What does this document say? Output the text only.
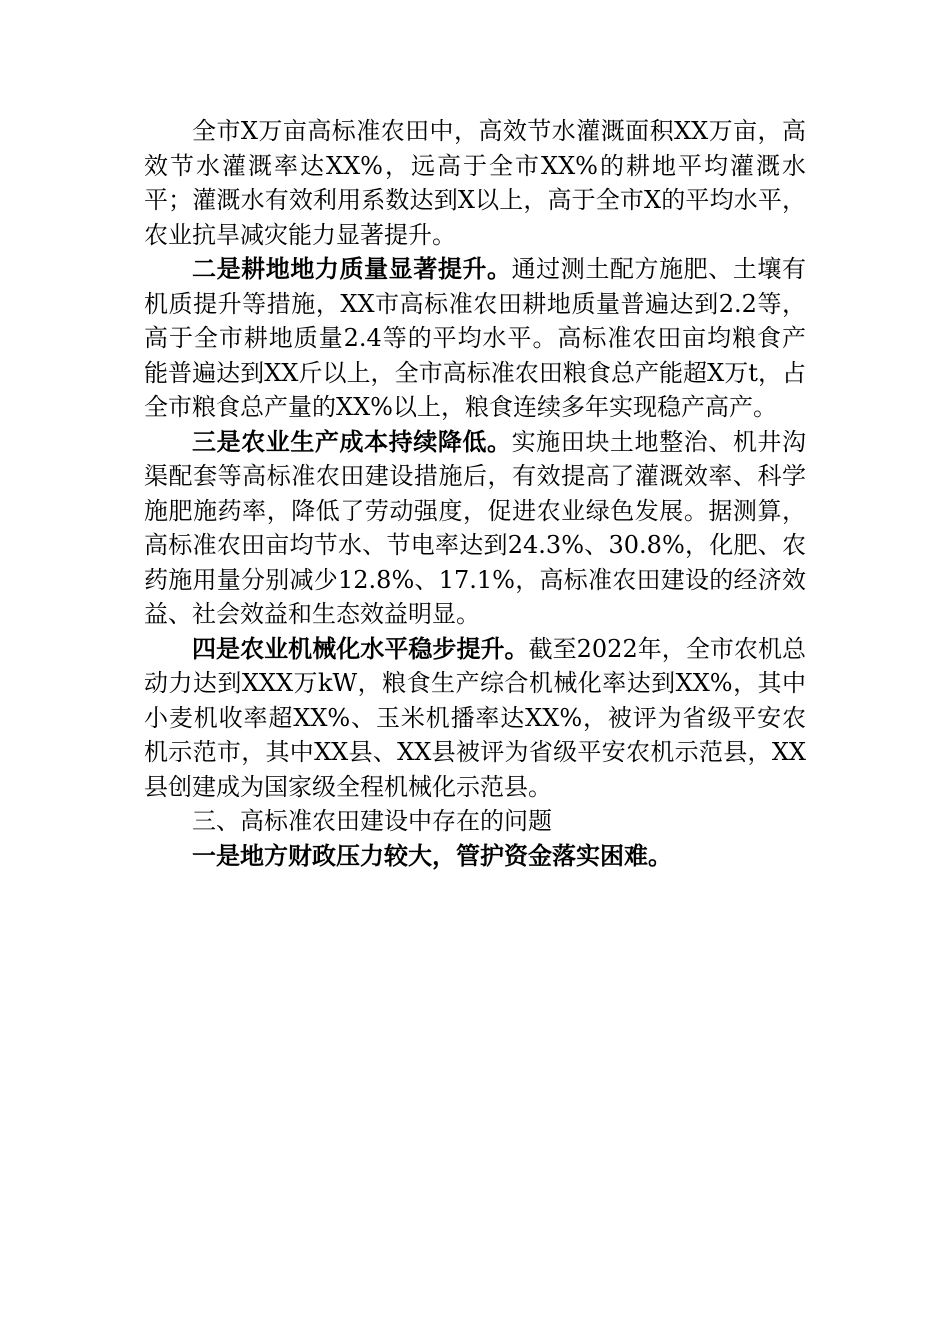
全市X万亩高标准农田中，高效节水灌溉面积XX万亩，高效节水灌溉率达XX%，远高于全市XX%的耕地平均灌溉水平；灌溉水有效利用系数达到X以上，高于全市X的平均水平，农业抗旱减灾能力显著提升。

二是耕地地力质量显著提升。通过测土配方施肥、土壤有机质提升等措施，XX市高标准农田耕地质量普遍达到2.2等，高于全市耕地质量2.4等的平均水平。高标准农田亩均粮食产能普遍达到XX斤以上，全市高标准农田粮食总产能超X万t，占全市粮食总产量的XX%以上，粮食连续多年实现稳产高产。

三是农业生产成本持续降低。实施田块土地整治、机井沟渠配套等高标准农田建设措施后，有效提高了灌溉效率、科学施肥施药率，降低了劳动强度，促进农业绿色发展。据测算，高标准农田亩均节水、节电率达到24.3%、30.8%，化肥、农药施用量分别减少12.8%、17.1%，高标准农田建设的经济效益、社会效益和生态效益明显。

四是农业机械化水平稳步提升。截至2022年，全市农机总动力达到XXX万kW，粮食生产综合机械化率达到XX%，其中小麦机收率超XX%、玉米机播率达XX%，被评为省级平安农机示范市，其中XX县、XX县被评为省级平安农机示范县，XX县创建成为国家级全程机械化示范县。

三、高标准农田建设中存在的问题

一是地方财政压力较大，管护资金落实困难。
